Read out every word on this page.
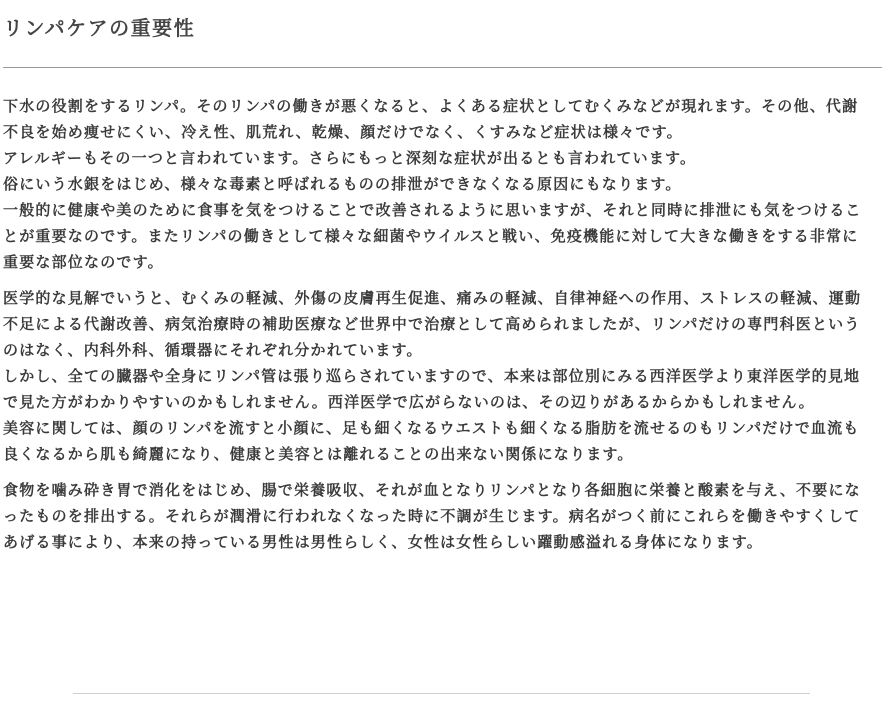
リンパケアの重要性

下水の役割をするリンパ。そのリンパの働きが悪くなると、よくある症状としてむくみなどが現れます。その他、代謝不良を始め痩せにくい、冷え性、肌荒れ、乾燥、顔だけでなく、くすみなど症状は様々です。

アレルギーもその一つと言われています。さらにもっと深刻な症状が出るとも言われています。

俗にいう水銀をはじめ、様々な毒素と呼ばれるものの排泄ができなくなる原因にもなります。

一般的に健康や美のために食事を気をつけることで改善されるように思いますが、それと同時に排泄にも気をつけることが重要なのです。またリンパの働きとして様々な細菌やウイルスと戦い、免疫機能に対して大きな働きをする非常に重要な部位なのです。

医学的な見解でいうと、むくみの軽減、外傷の皮膚再生促進、痛みの軽減、自律神経への作用、ストレスの軽減、運動不足による代謝改善、病気治療時の補助医療など世界中で治療として高められましたが、リンパだけの専門科医というのはなく、内科外科、循環器にそれぞれ分かれています。

しかし、全ての臓器や全身にリンパ管は張り巡らされていますので、本来は部位別にみる西洋医学より東洋医学的見地で見た方がわかりやすいのかもしれません。西洋医学で広がらないのは、その辺りがあるからかもしれません。

美容に関しては、顔のリンパを流すと小顔に、足も細くなるウエストも細くなる脂肪を流せるのもリンパだけで血流も良くなるから肌も綺麗になり、健康と美容とは離れることの出来ない関係になります。

食物を噛み砕き胃で消化をはじめ、腸で栄養吸収、それが血となりリンパとなり各細胞に栄養と酸素を与え、不要になったものを排出する。それらが潤滑に行われなくなった時に不調が生じます。病名がつく前にこれらを働きやすくしてあげる事により、本来の持っている男性は男性らしく、女性は女性らしい躍動感溢れる身体になります。
